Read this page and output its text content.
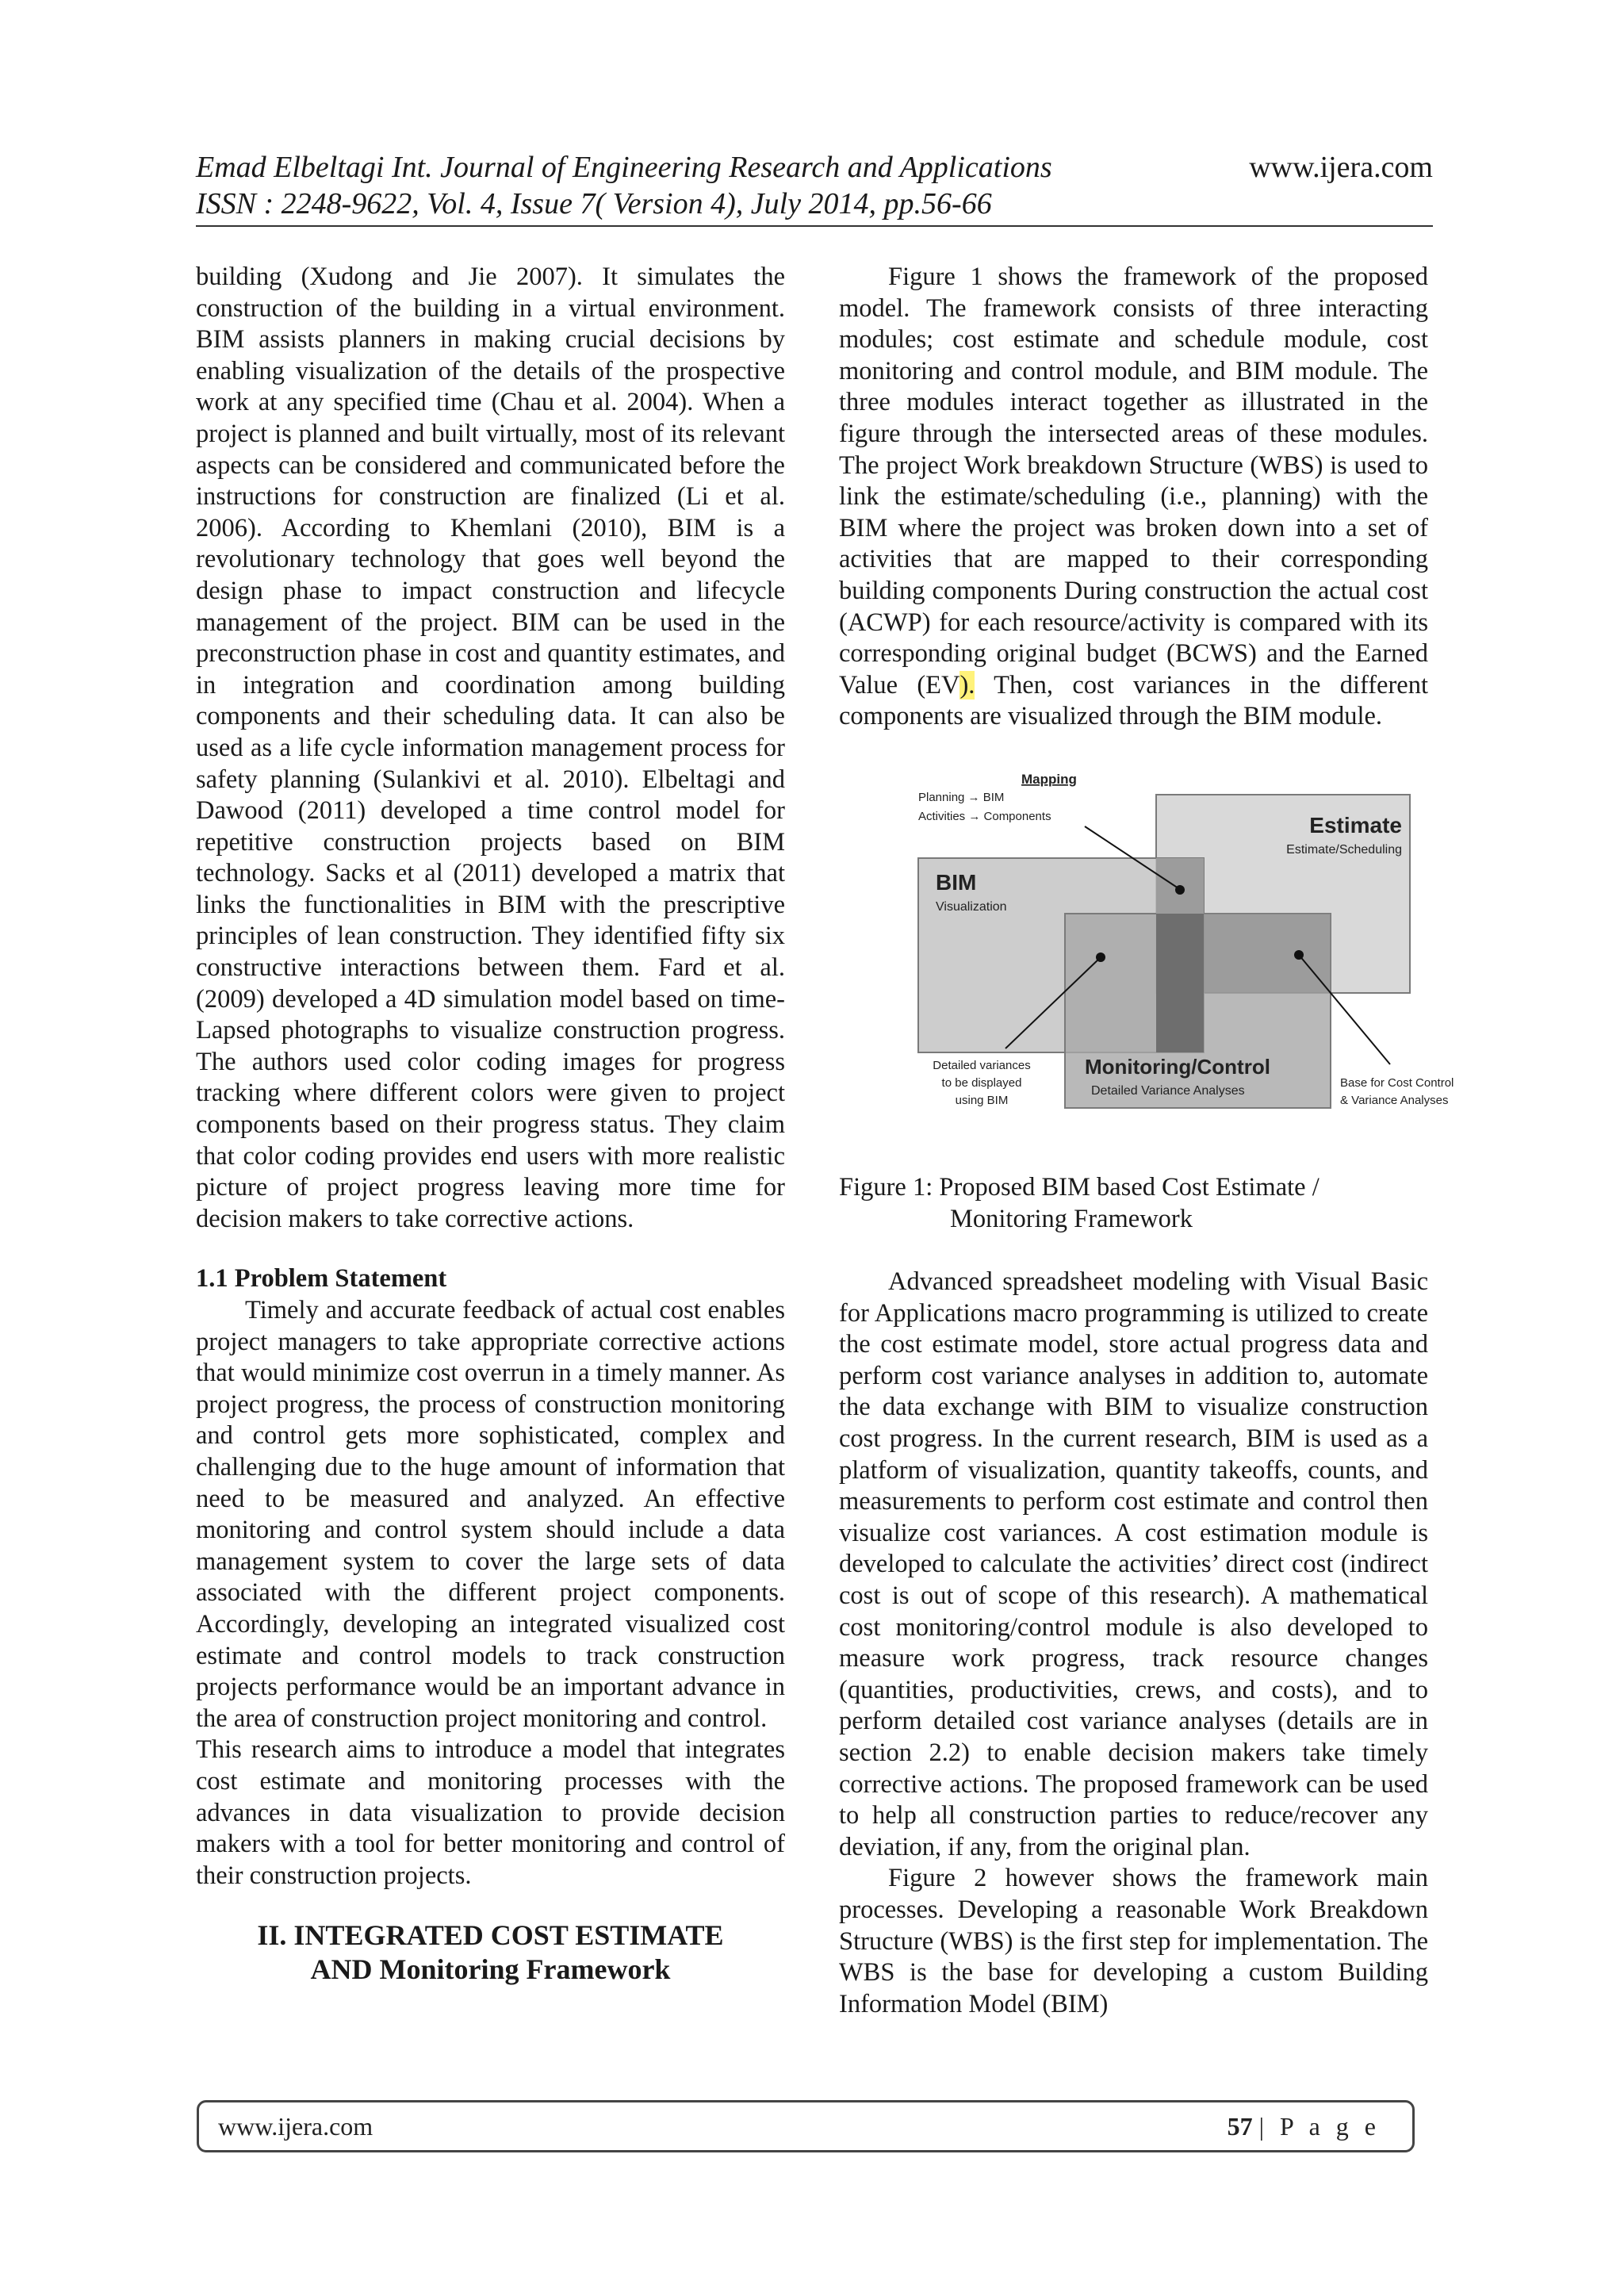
Emad Elbeltagi Int. Journal of Engineering Research and Applications	www.ijera.com
ISSN : 2248-9622, Vol. 4, Issue 7( Version 4), July 2014, pp.56-66

building (Xudong and Jie 2007). It simulates the construction of the building in a virtual environment. BIM assists planners in making crucial decisions by enabling visualization of the details of the prospective work at any specified time (Chau et al. 2004). When a project is planned and built virtually, most of its relevant aspects can be considered and communicated before the instructions for construction are finalized (Li et al. 2006). According to Khemlani (2010), BIM is a revolutionary technology that goes well beyond the design phase to impact construction and lifecycle management of the project. BIM can be used in the preconstruction phase in cost and quantity estimates, and in integration and coordination among building components and their scheduling data. It can also be used as a life cycle information management process for safety planning (Sulankivi et al. 2010). Elbeltagi and Dawood (2011) developed a time control model for repetitive construction projects based on BIM technology. Sacks et al (2011) developed a matrix that links the functionalities in BIM with the prescriptive principles of lean construction. They identified fifty six constructive interactions between them. Fard et al. (2009) developed a 4D simulation model based on time-Lapsed photographs to visualize construction progress. The authors used color coding images for progress tracking where different colors were given to project components based on their progress status. They claim that color coding provides end users with more realistic picture of project progress leaving more time for decision makers to take corrective actions.

1.1 Problem Statement

Timely and accurate feedback of actual cost enables project managers to take appropriate corrective actions that would minimize cost overrun in a timely manner. As project progress, the process of construction monitoring and control gets more sophisticated, complex and challenging due to the huge amount of information that need to be measured and analyzed. An effective monitoring and control system should include a data management system to cover the large sets of data associated with the different project components. Accordingly, developing an integrated visualized cost estimate and control models to track construction projects performance would be an important advance in the area of construction project monitoring and control.

This research aims to introduce a model that integrates cost estimate and monitoring processes with the advances in data visualization to provide decision makers with a tool for better monitoring and control of their construction projects.

II. INTEGRATED COST ESTIMATE
AND Monitoring Framework

Figure 1 shows the framework of the proposed model. The framework consists of three interacting modules; cost estimate and schedule module, cost monitoring and control module, and BIM module. The three modules interact together as illustrated in the figure through the intersected areas of these modules. The project Work breakdown Structure (WBS) is used to link the estimate/scheduling (i.e., planning) with the BIM where the project was broken down into a set of activities that are mapped to their corresponding building components During construction the actual cost (ACWP) for each resource/activity is compared with its corresponding original budget (BCWS) and the Earned Value (EV). Then, cost variances in the different components are visualized through the BIM module.

Mapping
Planning → BIM
Activities → Components	Estimate
Estimate/Scheduling
BIM
Visualization
Monitoring/Control
Detailed Variance Analyses
Detailed variances
to be displayed
using BIM
Base for Cost Control
& Variance Analyses
Figure 1: Proposed BIM based Cost Estimate /
Monitoring Framework

Advanced spreadsheet modeling with Visual Basic for Applications macro programming is utilized to create the cost estimate model, store actual progress data and perform cost variance analyses in addition to, automate the data exchange with BIM to visualize construction cost progress. In the current research, BIM is used as a platform of visualization, quantity takeoffs, counts, and measurements to perform cost estimate and control then visualize cost variances. A cost estimation module is developed to calculate the activities’ direct cost (indirect cost is out of scope of this research). A mathematical cost monitoring/control module is also developed to measure work progress, track resource changes (quantities, productivities, crews, and costs), and to perform detailed cost variance analyses (details are in section 2.2) to enable decision makers take timely corrective actions. The proposed framework can be used to help all construction parties to reduce/recover any deviation, if any, from the original plan.

Figure 2 however shows the framework main processes. Developing a reasonable Work Breakdown Structure (WBS) is the first step for implementation. The WBS is the base for developing a custom Building Information Model (BIM)

www.ijera.com	57 | P a g e
